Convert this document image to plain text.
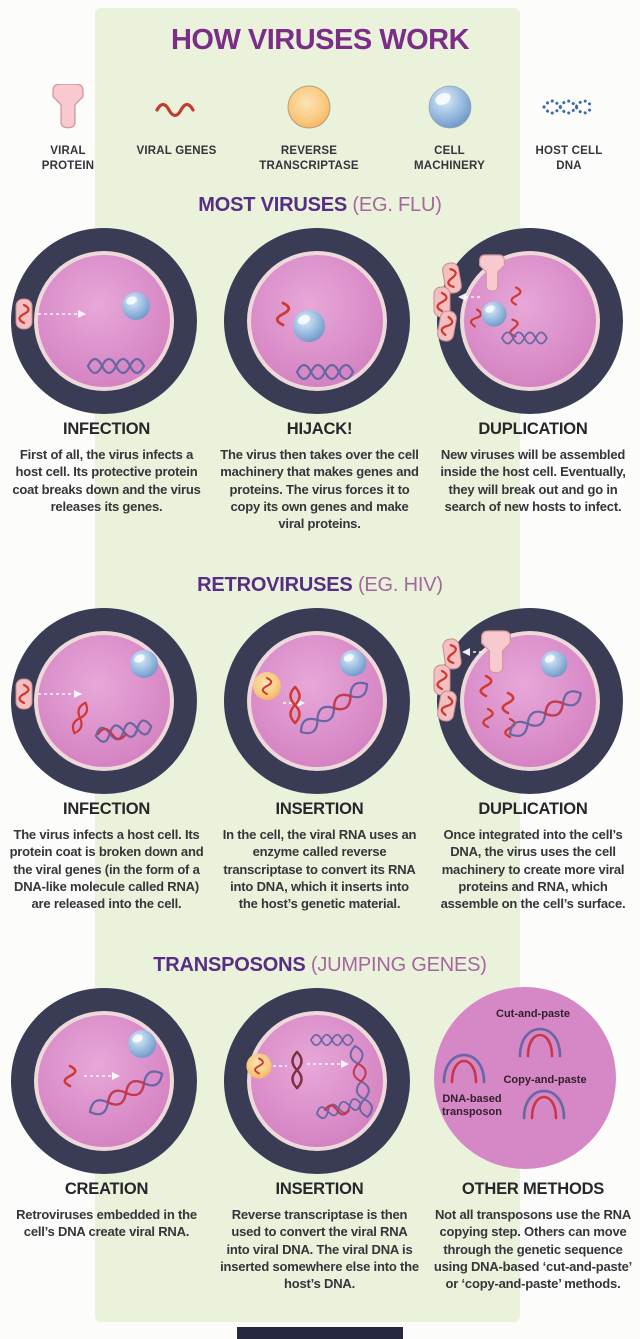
HOW VIRUSES WORK
VIRAL PROTEIN
VIRAL GENES	REVERSE TRANSCRIPTASE
CELL MACHINERY
HOST CELL DNA
MOST VIRUSES (EG. FLU)
INFECTION

First of all, the virus infects a host cell. Its protective protein coat breaks down and the virus releases its genes.

HIJACK!

The virus then takes over the cell machinery that makes genes and proteins. The virus forces it to copy its own genes and make viral proteins.

DUPLICATION

New viruses will be assembled inside the host cell. Eventually, they will break out and go in search of new hosts to infect.

RETROVIRUSES (EG. HIV)
INFECTION

The virus infects a host cell. Its protein coat is broken down and the viral genes (in the form of a DNA-like molecule called RNA) are released into the cell.

INSERTION

In the cell, the viral RNA uses an enzyme called reverse transcriptase to convert its RNA into DNA, which it inserts into the host’s genetic material.

DUPLICATION

Once integrated into the cell’s DNA, the virus uses the cell machinery to create more viral proteins and RNA, which assemble on the cell’s surface.

TRANSPOSONS (JUMPING GENES)
Cut-and-paste
Copy-and-paste
DNA-based transposon
CREATION

Retroviruses embedded in the cell’s DNA create viral RNA.

INSERTION

Reverse transcriptase is then used to convert the viral RNA into viral DNA. The viral DNA is inserted somewhere else into the host’s DNA.

OTHER METHODS

Not all transposons use the RNA copying step. Others can move through the genetic sequence using DNA-based ‘cut-and-paste’ or ‘copy-and-paste’ methods.
